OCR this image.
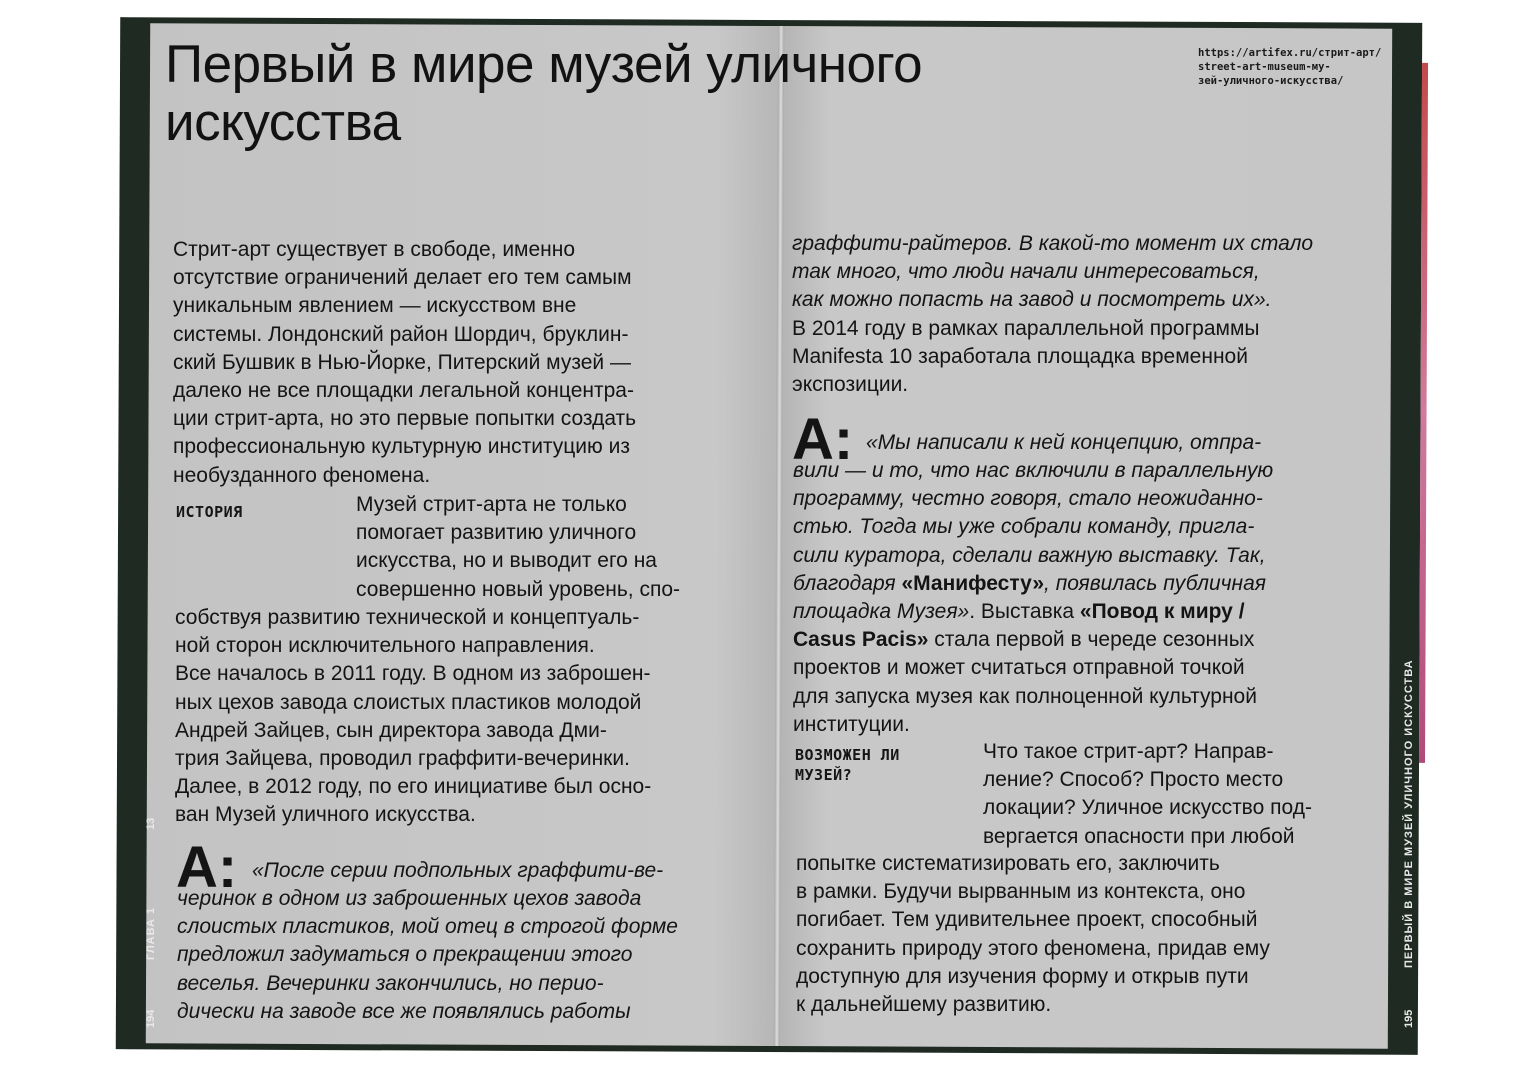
Первый в мире музей уличного
искусства
https://artifex.ru/стрит-арт/
street-art-museum-му-
зей-уличного-искусства/
Стрит-арт существует в свободе, именно
отсутствие ограничений делает его тем самым
уникальным явлением — искусством вне
системы. Лондонский район Шордич, бруклин-
ский Бушвик в Нью-Йорке, Питерский музей —
далеко не все площадки легальной концентра-
ции стрит-арта, но это первые попытки создать
профессиональную культурную институцию из
необузданного феномена.
ИСТОРИЯ	Музей стрит-арта не только
помогает развитию уличного
искусства, но и выводит его на
совершенно новый уровень, спо-
собствуя развитию технической и концептуаль-
ной сторон исключительного направления.
Все началось в 2011 году. В одном из заброшен-
ных цехов завода слоистых пластиков молодой
Андрей Зайцев, сын директора завода Дми-
трия Зайцева, проводил граффити-вечеринки.
Далее, в 2012 году, по его инициативе был осно-
ван Музей уличного искусства.
А: «После серии подпольных граффити-ве-
черинок в одном из заброшенных цехов завода
слоистых пластиков, мой отец в строгой форме
предложил задуматься о прекращении этого
веселья. Вечеринки закончились, но перио-
дически на заводе все же появлялись работы
13
ГЛАВА 1
194
граффити-райтеров. В какой-то момент их стало
так много, что люди начали интересоваться,
как можно попасть на завод и посмотреть их».
В 2014 году в рамках параллельной программы
Manifesta 10 заработала площадка временной
экспозиции.
А: «Мы написали к ней концепцию, отпра-
вили — и то, что нас включили в параллельную
программу, честно говоря, стало неожиданно-
стью. Тогда мы уже собрали команду, пригла-
сили куратора, сделали важную выставку. Так,
благодаря «Манифесту», появилась публичная
площадка Музея». Выставка «Повод к миру /
Casus Pacis» стала первой в череде сезонных
проектов и может считаться отправной точкой
для запуска музея как полноценной культурной
институции.
ВОЗМОЖЕН ЛИ
МУЗЕЙ?
Что такое стрит-арт? Направ-
ление? Способ? Просто место
локации? Уличное искусство под-
вергается опасности при любой
попытке систематизировать его, заключить
в рамки. Будучи вырванным из контекста, оно
погибает. Тем удивительнее проект, способный
сохранить природу этого феномена, придав ему
доступную для изучения форму и открыв пути
к дальнейшему развитию.
ПЕРВЫЙ В МИРЕ МУЗЕЙ УЛИЧНОГО ИСКУССТВА
195
